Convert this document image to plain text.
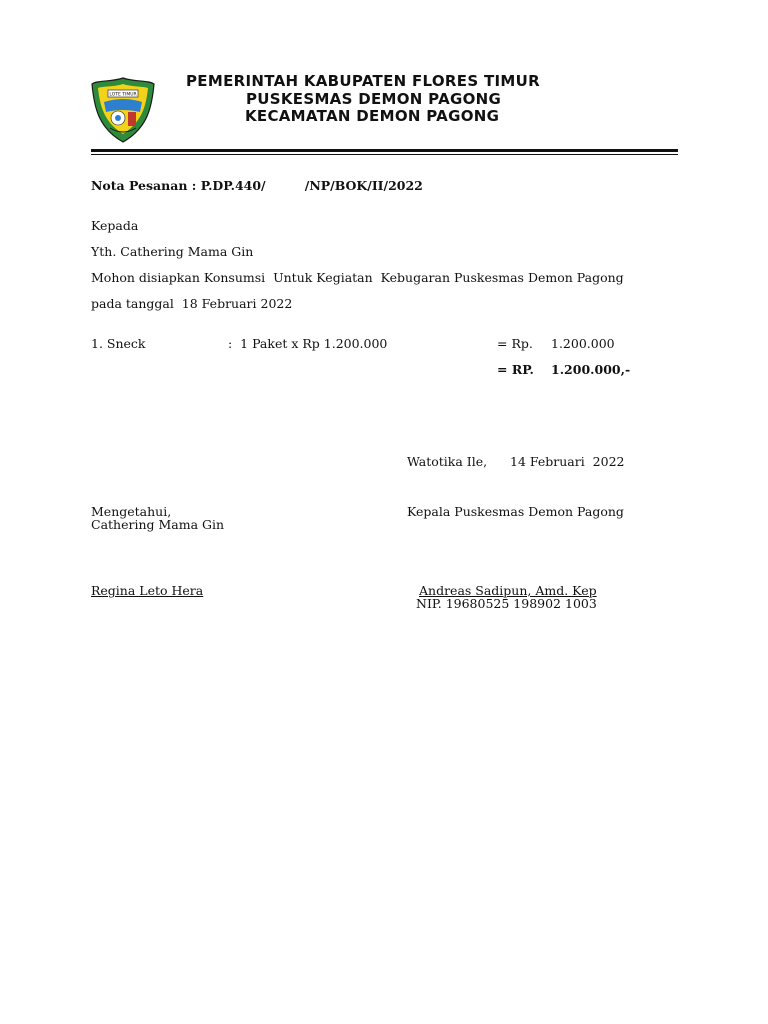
LOTE TIMUR
PEMERINTAH KABUPATEN FLORES TIMUR
PUSKESMAS DEMON PAGONG
KECAMATAN DEMON PAGONG
Nota Pesanan : P.DP.440/         /NP/BOK/II/2022
Kepada
Yth. Cathering Mama Gin
Mohon disiapkan Konsumsi  Untuk Kegiatan  Kebugaran Puskesmas Demon Pagong
pada tanggal  18 Februari 2022
1. Sneck	:  1 Paket x Rp 1.200.000	= Rp. 1.200.000
= RP. 1.200.000,-
Watotika Ile, 14 Februari  2022
Mengetahui,
Cathering Mama Gin
Kepala Puskesmas Demon Pagong
Regina Leto Hera	Andreas Sadipun, Amd. Kep
NIP. 19680525 198902 1003
